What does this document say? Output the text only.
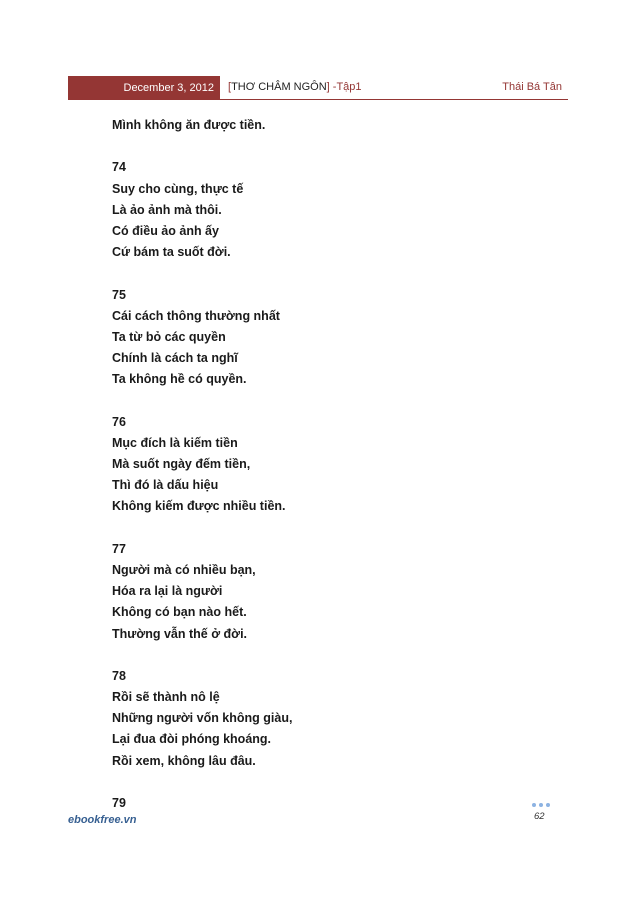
December 3, 2012	[THƠ CHÂM NGÔN] -Tập1	Thái Bá Tân
Mình không ăn được tiền.
74
Suy cho cùng, thực tế
Là ảo ảnh mà thôi.
Có điều ảo ảnh ấy
Cứ bám ta suốt đời.
75
Cái cách thông thường nhất
Ta từ bỏ các quyền
Chính là cách ta nghĩ
Ta không hề có quyền.
76
Mục đích là kiếm tiền
Mà suốt ngày đếm tiền,
Thì đó là dấu hiệu
Không kiếm được nhiều tiền.
77
Người mà có nhiều bạn,
Hóa ra lại là người
Không có bạn nào hết.
Thường vẫn thế ở đời.
78
Rồi sẽ thành nô lệ
Những người vốn không giàu,
Lại đua đòi phóng khoáng.
Rồi xem, không lâu đâu.
79
62
ebookfree.vn
